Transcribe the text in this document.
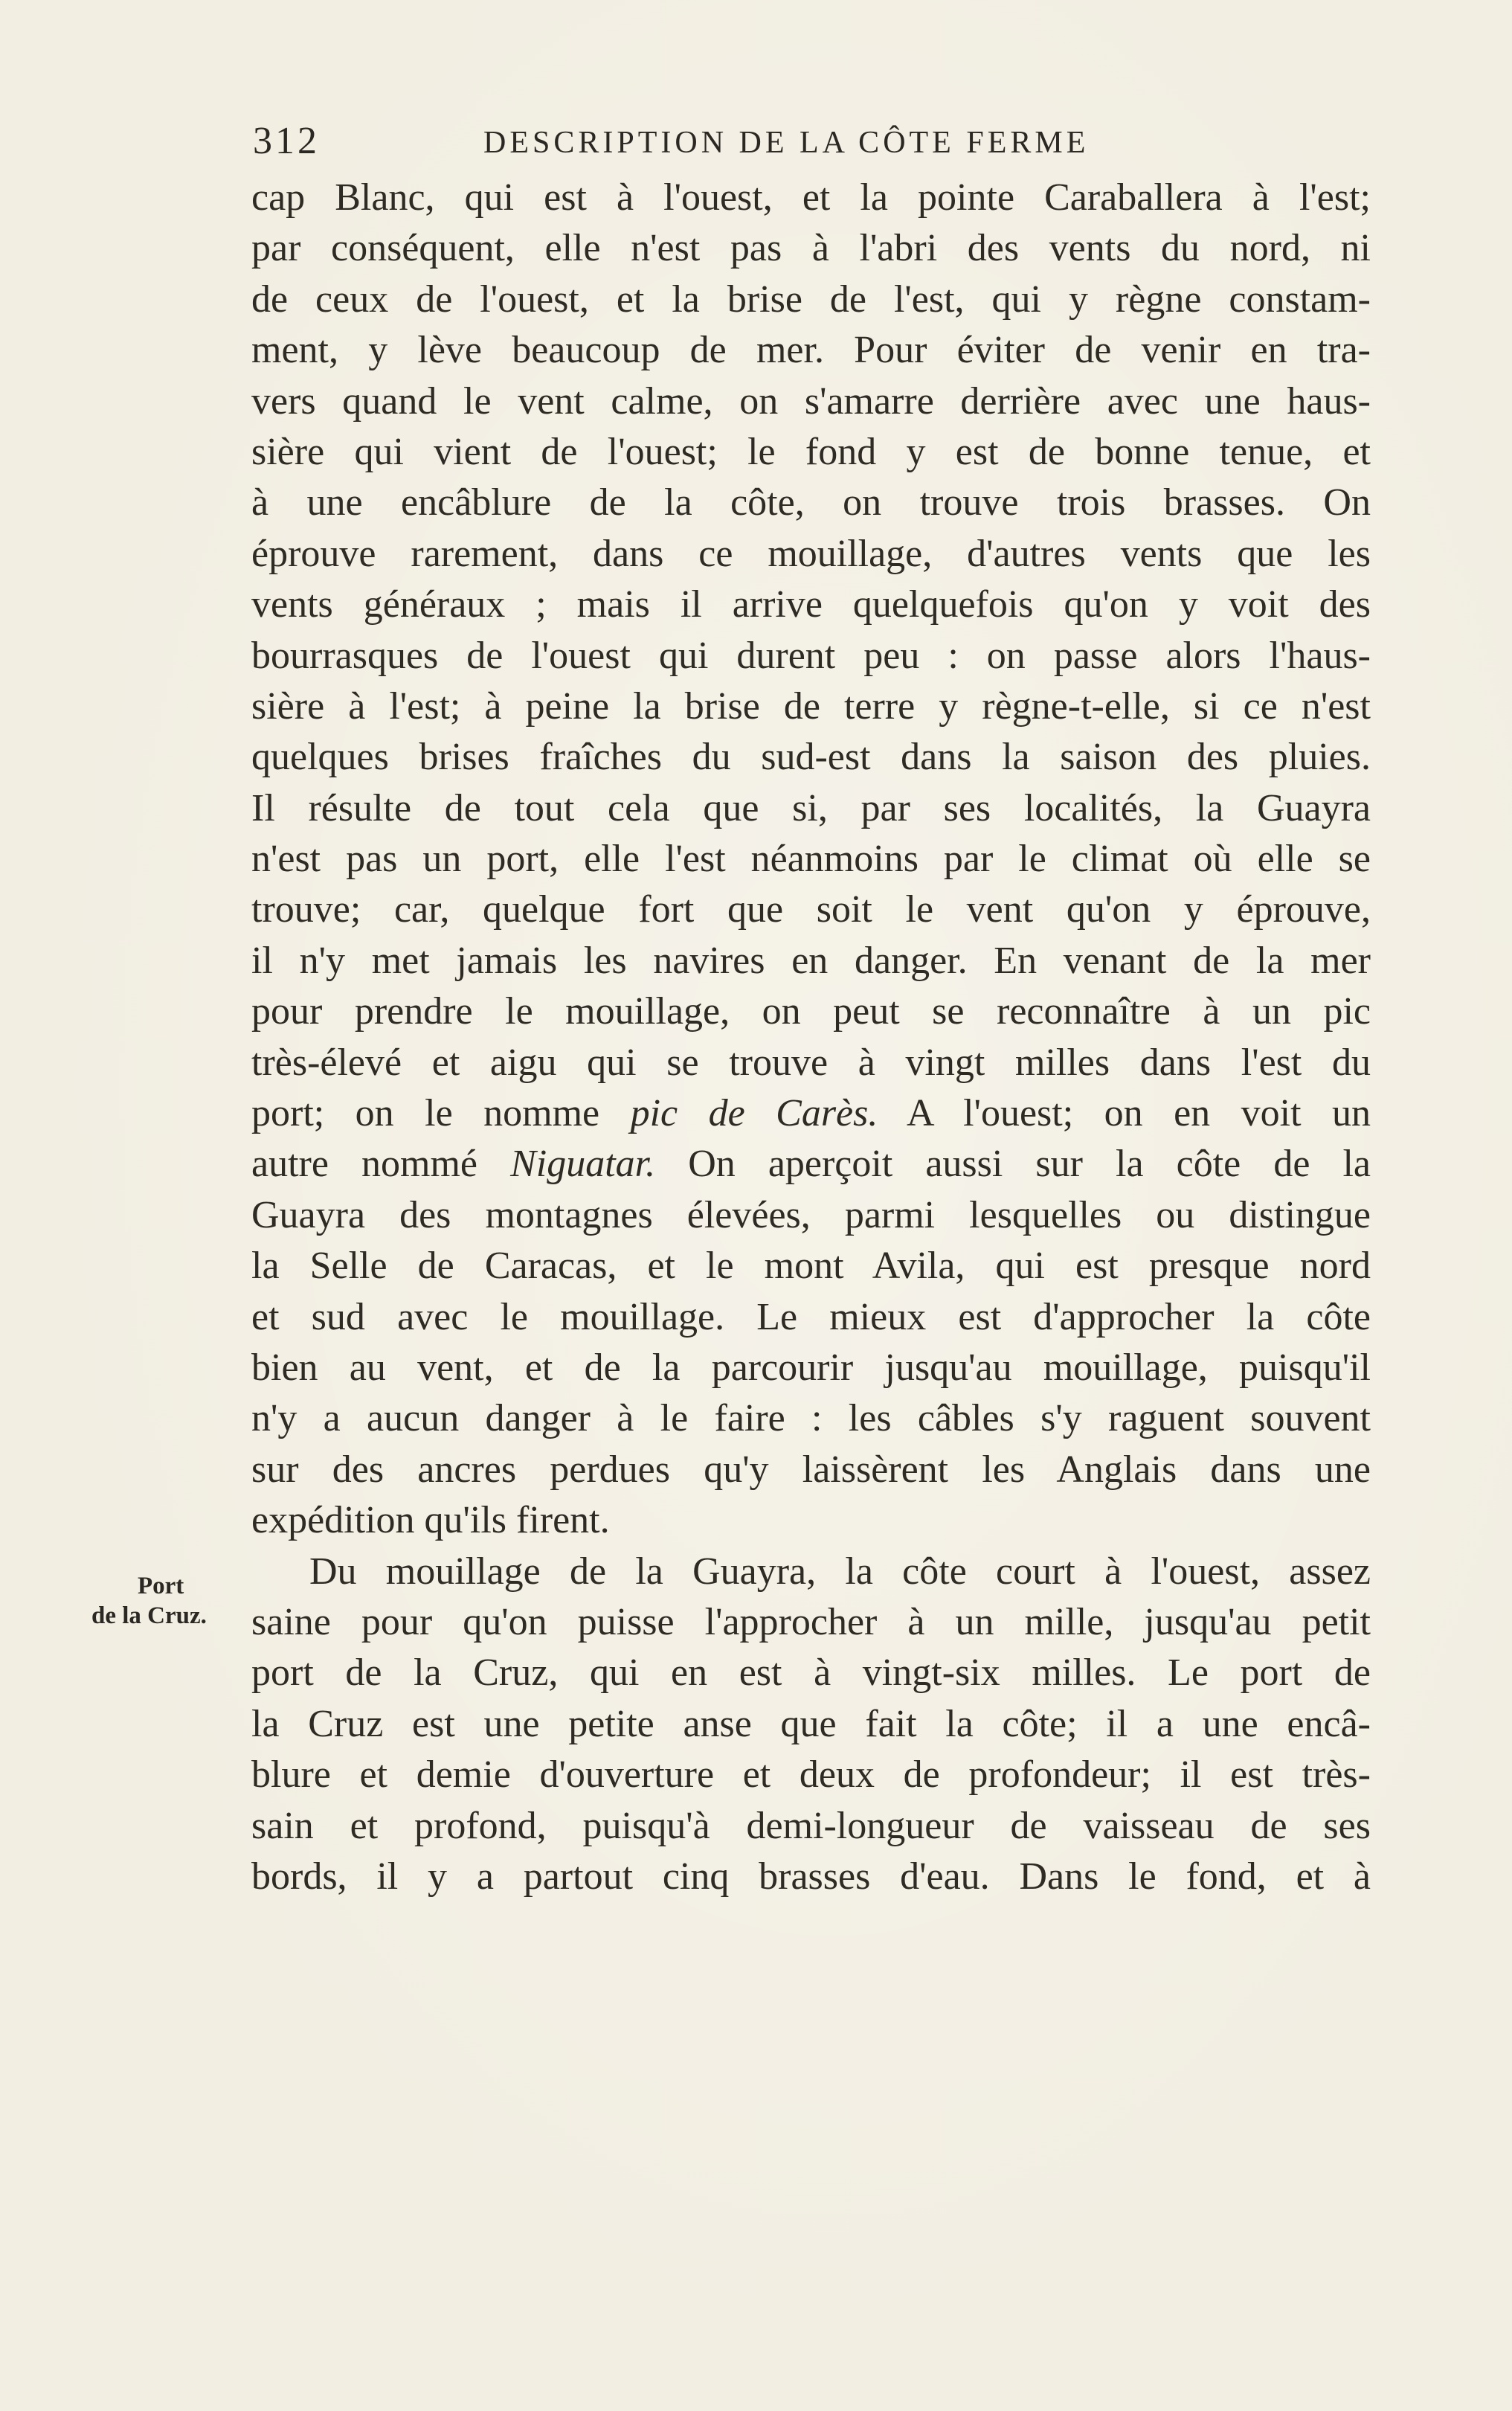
312	DESCRIPTION DE LA CÔTE FERME
Port
de la Cruz.
cap Blanc, qui est à l'ouest, et la pointe Caraballera à l'est;
par conséquent, elle n'est pas à l'abri des vents du nord, ni
de ceux de l'ouest, et la brise de l'est, qui y règne constam-
ment, y lève beaucoup de mer. Pour éviter de venir en tra-
vers quand le vent calme, on s'amarre derrière avec une haus-
sière qui vient de l'ouest; le fond y est de bonne tenue, et
à une encâblure de la côte, on trouve trois brasses. On
éprouve rarement, dans ce mouillage, d'autres vents que les
vents généraux ; mais il arrive quelquefois qu'on y voit des
bourrasques de l'ouest qui durent peu : on passe alors l'haus-
sière à l'est; à peine la brise de terre y règne-t-elle, si ce n'est
quelques brises fraîches du sud-est dans la saison des pluies.
Il résulte de tout cela que si, par ses localités, la Guayra
n'est pas un port, elle l'est néanmoins par le climat où elle se
trouve; car, quelque fort que soit le vent qu'on y éprouve,
il n'y met jamais les navires en danger. En venant de la mer
pour prendre le mouillage, on peut se reconnaître à un pic
très-élevé et aigu qui se trouve à vingt milles dans l'est du
port; on le nomme pic de Carès. A l'ouest; on en voit un
autre nommé Niguatar. On aperçoit aussi sur la côte de la
Guayra des montagnes élevées, parmi lesquelles ou distingue
la Selle de Caracas, et le mont Avila, qui est presque nord
et sud avec le mouillage. Le mieux est d'approcher la côte
bien au vent, et de la parcourir jusqu'au mouillage, puisqu'il
n'y a aucun danger à le faire : les câbles s'y raguent souvent
sur des ancres perdues qu'y laissèrent les Anglais dans une
expédition qu'ils firent.
Du mouillage de la Guayra, la côte court à l'ouest, assez
saine pour qu'on puisse l'approcher à un mille, jusqu'au petit
port de la Cruz, qui en est à vingt-six milles. Le port de
la Cruz est une petite anse que fait la côte; il a une encâ-
blure et demie d'ouverture et deux de profondeur; il est très-
sain et profond, puisqu'à demi-longueur de vaisseau de ses
bords, il y a partout cinq brasses d'eau. Dans le fond, et à
